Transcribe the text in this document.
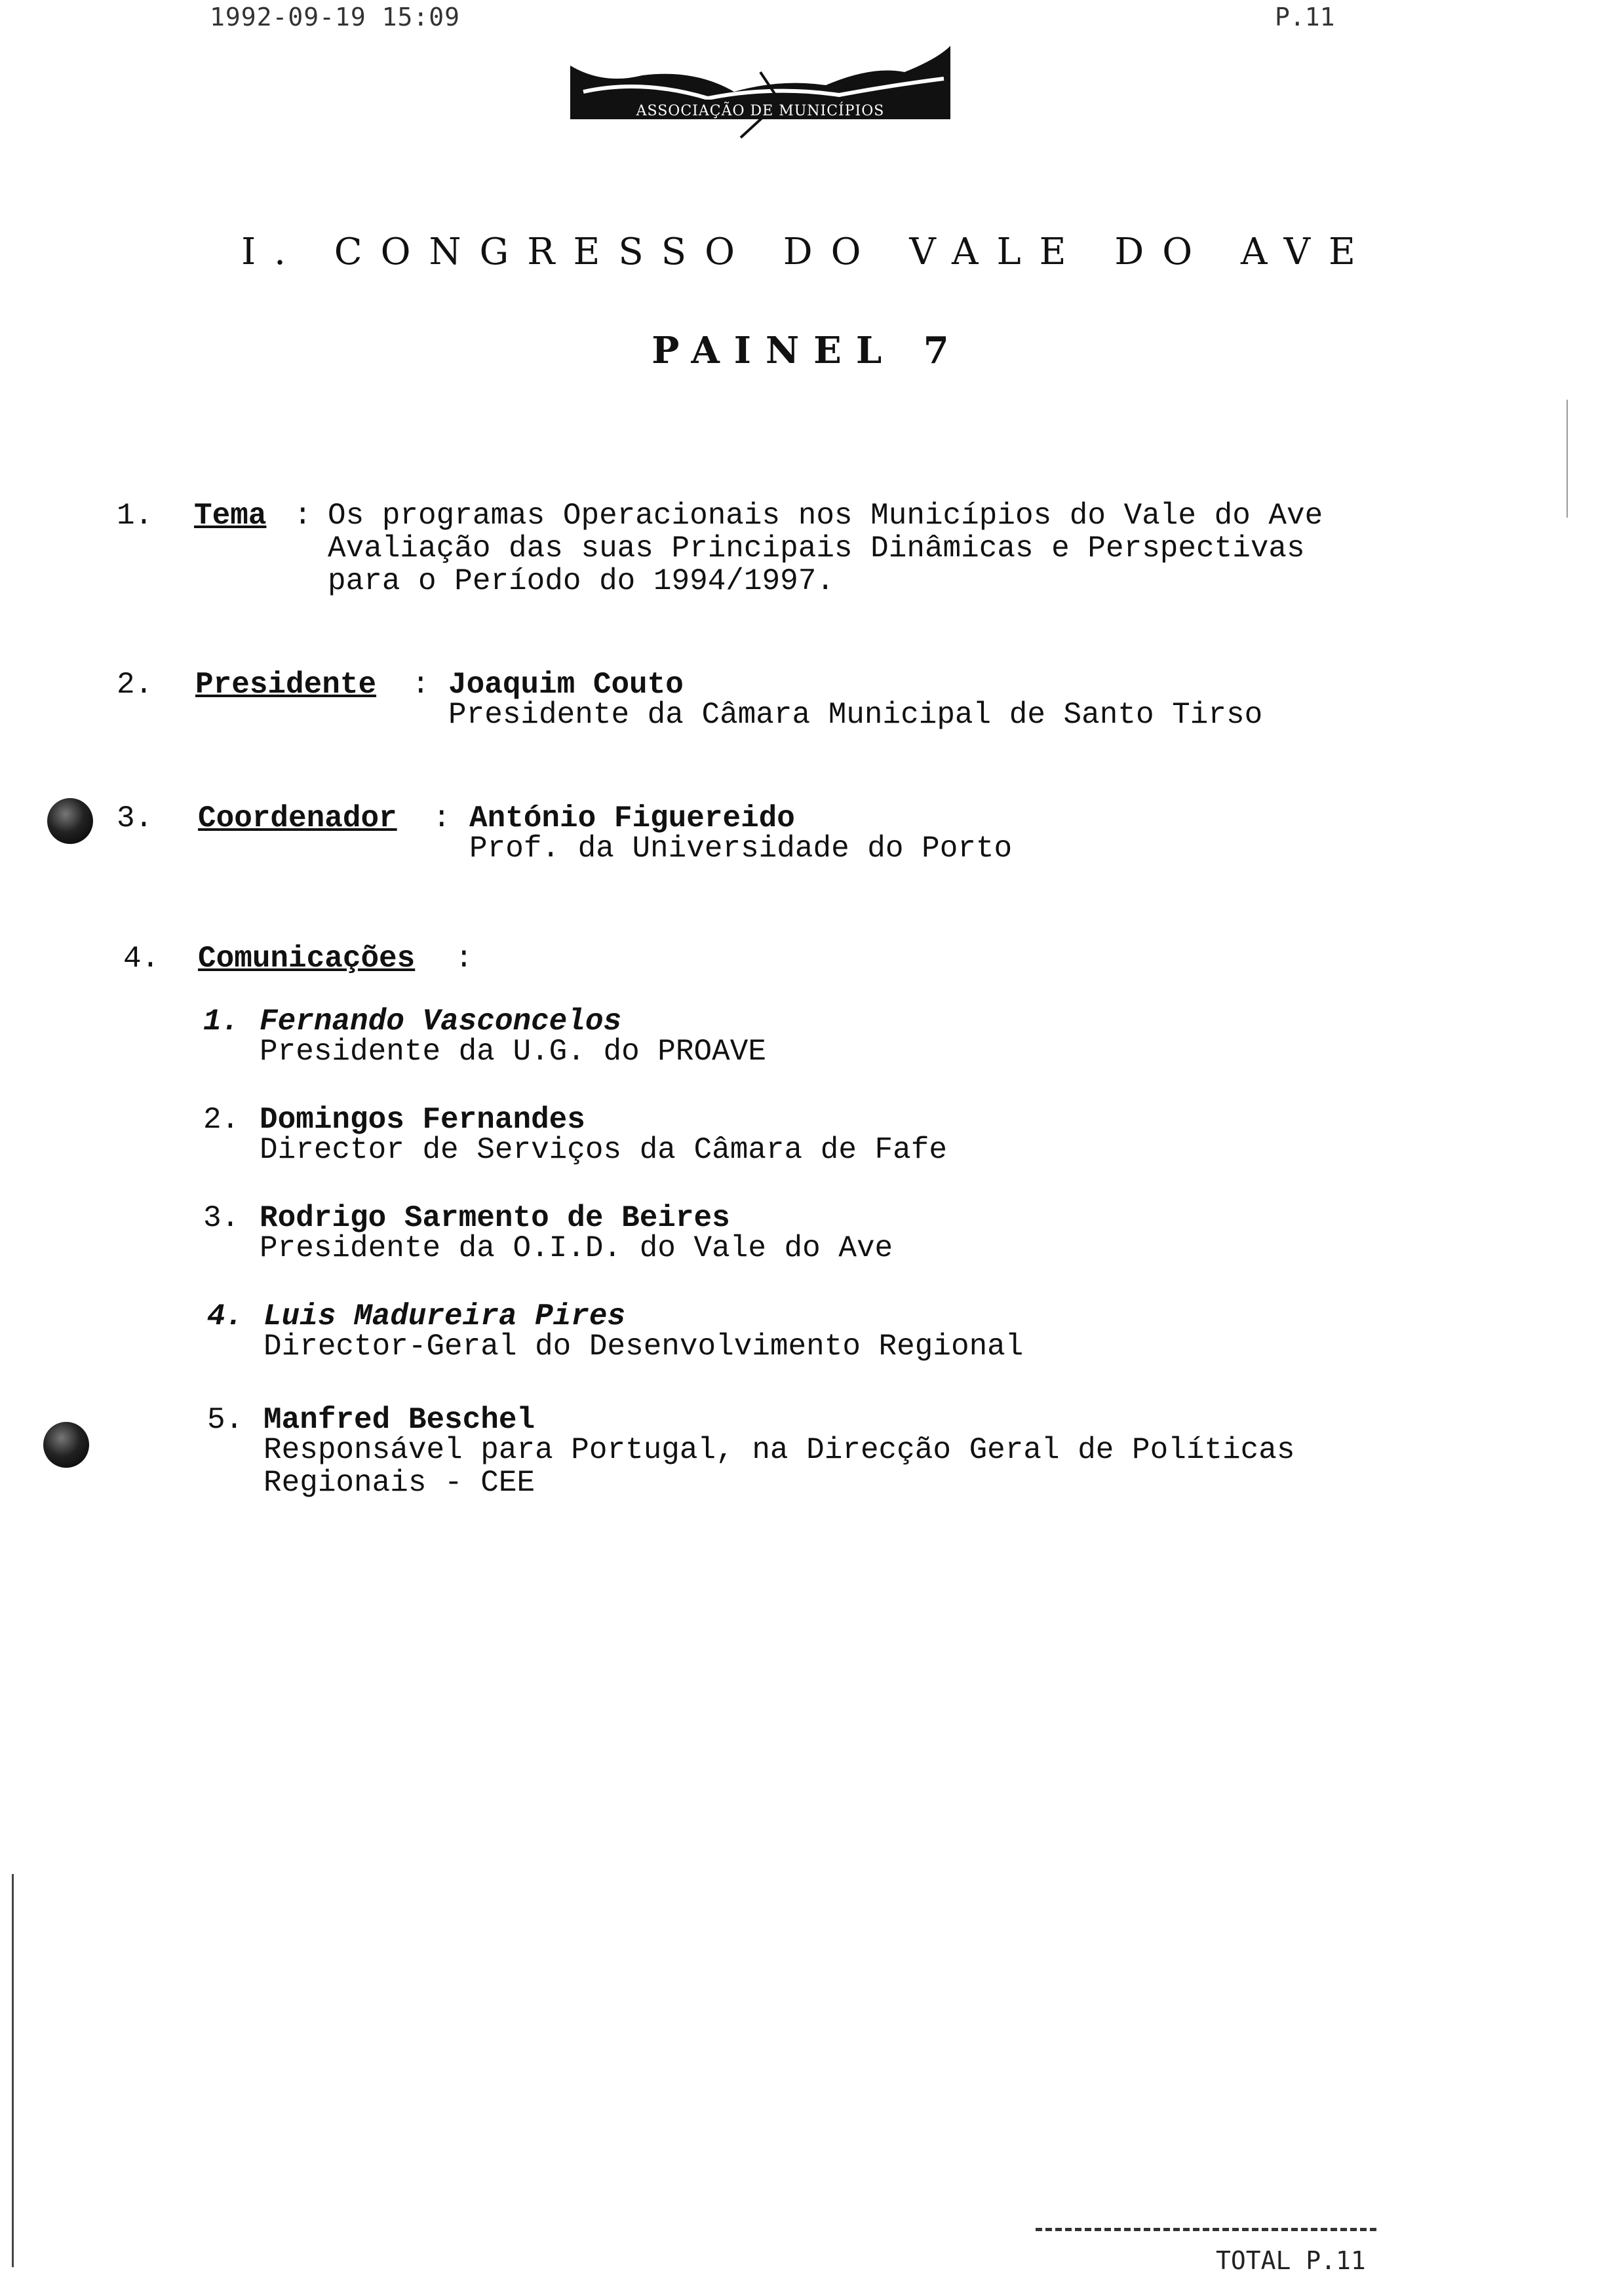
1992-09-19 15:09	P.11
ASSOCIAÇÃO DE MUNICÍPIOS
I. CONGRESSO DO VALE DO AVE
PAINEL 7
1. Tema : Os programas Operacionais nos Municípios do Vale do Ave
Avaliação das suas Principais Dinâmicas e Perspectivas
para o Período do 1994/1997.
2. Presidente : Joaquim Couto
Presidente da Câmara Municipal de Santo Tirso
3. Coordenador : António Figuereido
Prof. da Universidade do Porto
4. Comunicações :
1. Fernando Vasconcelos
Presidente da U.G. do PROAVE
2. Domingos Fernandes
Director de Serviços da Câmara de Fafe
3. Rodrigo Sarmento de Beires
Presidente da O.I.D. do Vale do Ave
4. Luis Madureira Pires
Director-Geral do Desenvolvimento Regional
5. Manfred Beschel
Responsável para Portugal, na Direcção Geral de Políticas
Regionais - CEE
TOTAL P.11
